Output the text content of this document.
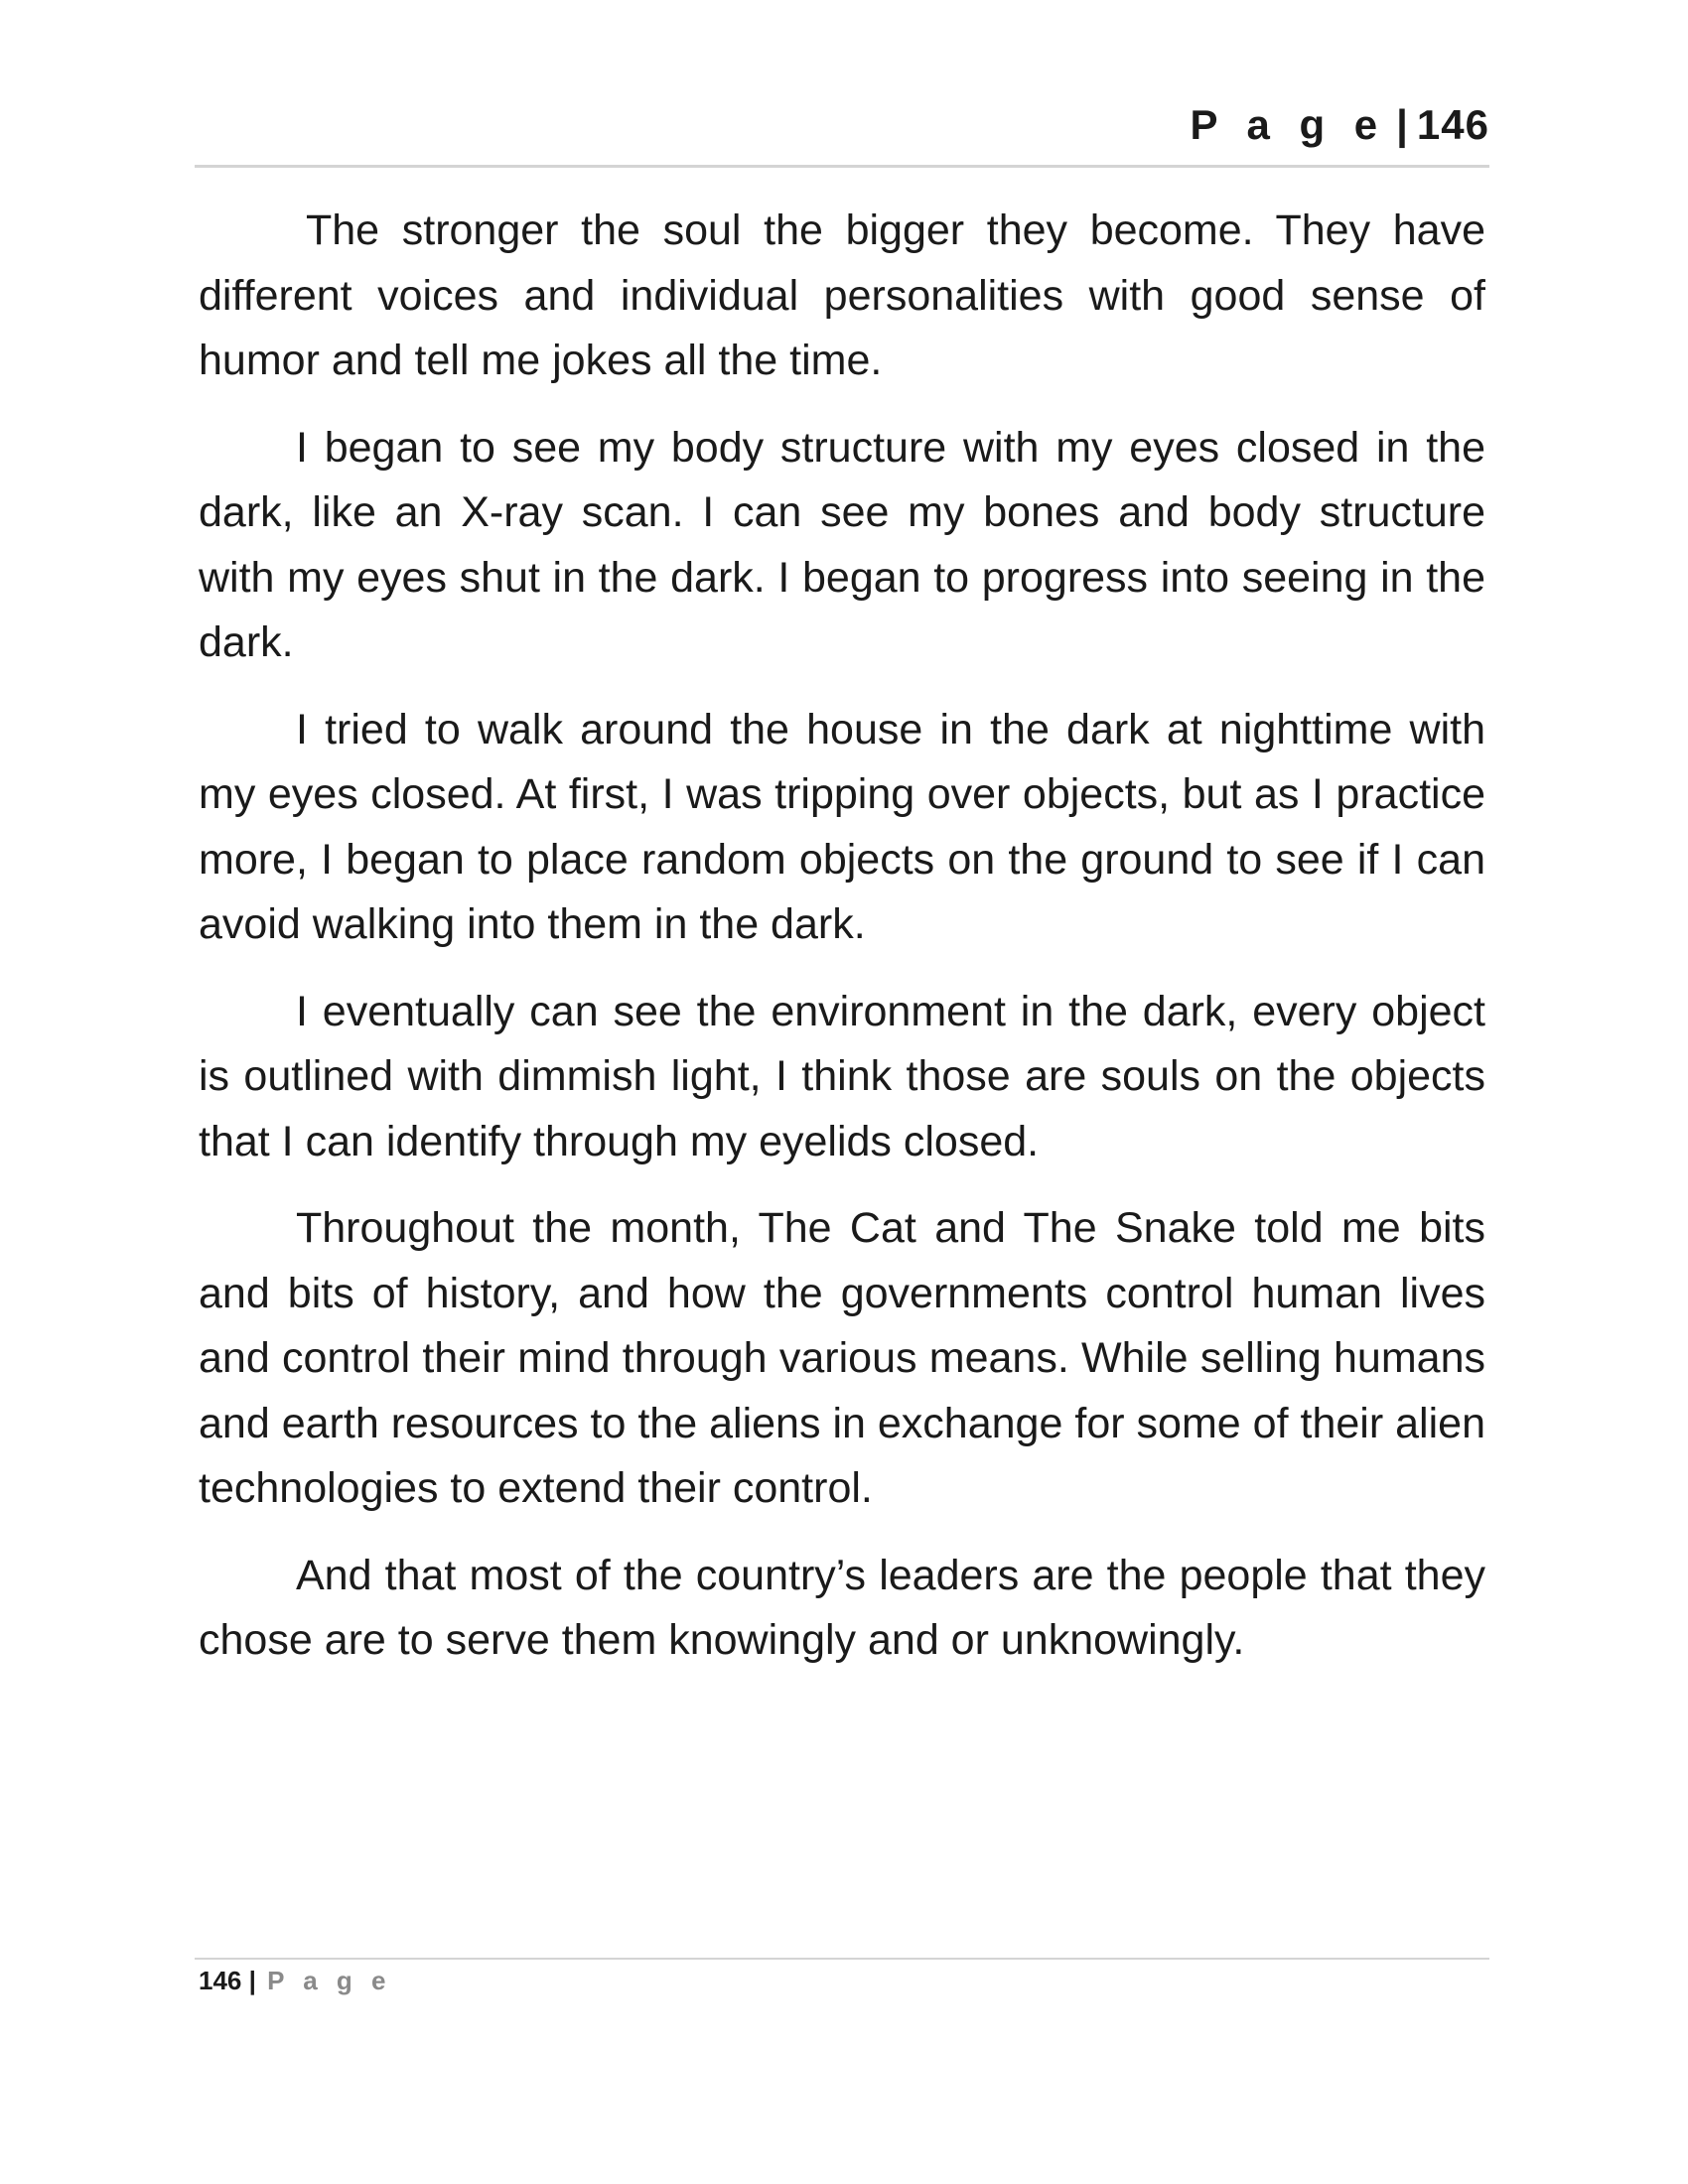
P a g e | 146

The stronger the soul the bigger they become. They have different voices and individual personalities with good sense of humor and tell me jokes all the time.

I began to see my body structure with my eyes closed in the dark, like an X-ray scan. I can see my bones and body structure with my eyes shut in the dark. I began to progress into seeing in the dark.

I tried to walk around the house in the dark at nighttime with my eyes closed. At first, I was tripping over objects, but as I practice more, I began to place random objects on the ground to see if I can avoid walking into them in the dark.

I eventually can see the environment in the dark, every object is outlined with dimmish light, I think those are souls on the objects that I can identify through my eyelids closed.

Throughout the month, The Cat and The Snake told me bits and bits of history, and how the governments control human lives and control their mind through various means. While selling humans and earth resources to the aliens in exchange for some of their alien technologies to extend their control.

And that most of the country’s leaders are the people that they chose are to serve them knowingly and or unknowingly.

146 | P a g e
